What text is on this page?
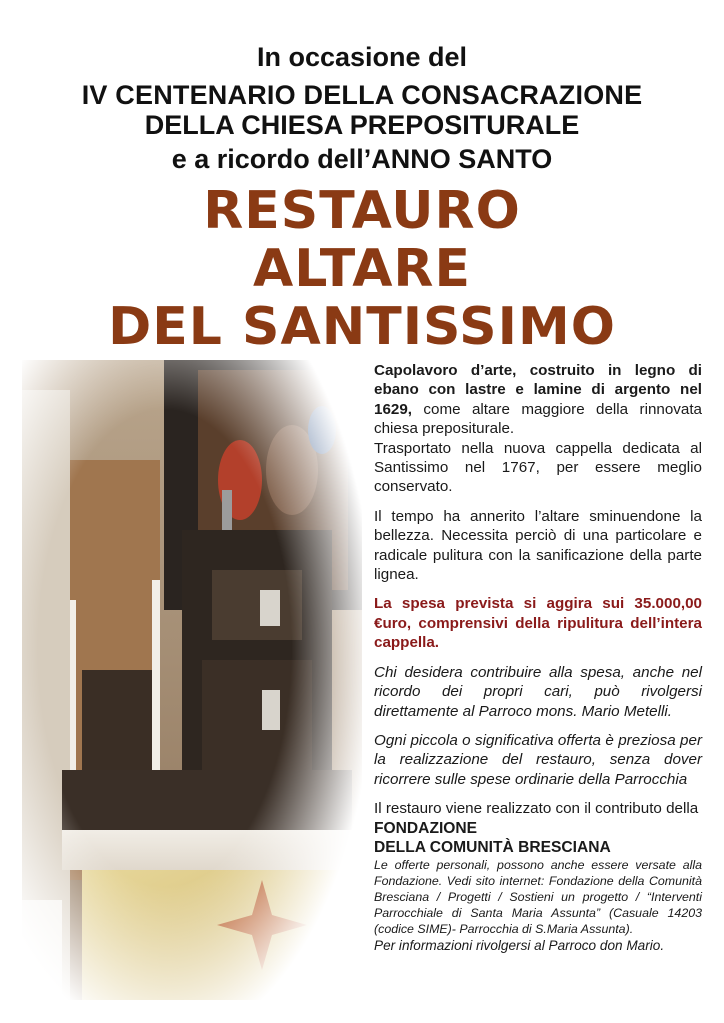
In occasione del
IV CENTENARIO DELLA CONSACRAZIONE
DELLA CHIESA PREPOSITURALE
e a ricordo dell’ANNO SANTO
RESTAURO
ALTARE
DEL SANTISSIMO

Capolavoro d’arte, costruito in legno di ebano con lastre e lamine di argento nel 1629, come altare maggiore della rinnovata chiesa prepositurale.

Trasportato nella nuova cappella dedicata al Santissimo nel 1767, per essere meglio conservato.

Il tempo ha annerito l’altare sminuendone la bellezza. Necessita perciò di una particolare e radicale pulitura con la sanificazione della parte lignea.

La spesa prevista si aggira sui 35.000,00 €uro, comprensivi della ripulitura dell’intera cappella.

Chi desidera contribuire alla spesa, anche nel ricordo dei propri cari, può rivolgersi direttamente al Parroco mons. Mario Metelli.

Ogni piccola o significativa offerta è preziosa per la realizzazione del restauro, senza dover ricorrere sulle spese ordinarie della Parrocchia

Il restauro viene realizzato con il contributo della FONDAZIONE
DELLA COMUNITÀ BRESCIANA

Le offerte personali, possono anche essere versate alla Fondazione. Vedi sito internet: Fondazione della Comunità Bresciana / Progetti / Sostieni un progetto / “Interventi Parrocchiale di Santa Maria Assunta” (Casuale 14203 (codice SIME)- Parrocchia di S.Maria Assunta).

Per informazioni rivolgersi al Parroco don Mario.
